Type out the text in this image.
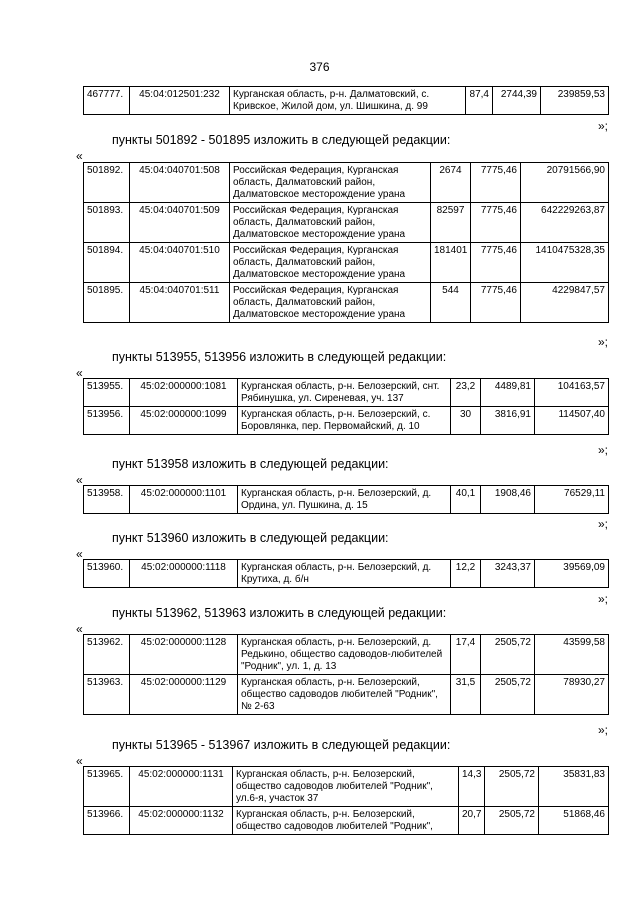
376
467777.	45:04:012501:232	Курганская область, р-н. Далматовский, с. Кривское, Жилой дом, ул. Шишкина, д. 99	87,4	2744,39	239859,53
»;
пункты 501892 - 501895 изложить в следующей редакции:
«
501892.	45:04:040701:508	Российская Федерация, Курганская область, Далматовский район, Далматовское месторождение урана	2674	7775,46	20791566,90
501893.	45:04:040701:509	Российская Федерация, Курганская область, Далматовский район, Далматовское месторождение урана	82597	7775,46	642229263,87
501894.	45:04:040701:510	Российская Федерация, Курганская область, Далматовский район, Далматовское месторождение урана	181401	7775,46	1410475328,35
501895.	45:04:040701:511	Российская Федерация, Курганская область, Далматовский район, Далматовское месторождение урана	544	7775,46	4229847,57
»;
пункты 513955, 513956 изложить в следующей редакции:
«
513955.	45:02:000000:1081	Курганская область, р-н. Белозерский, снт. Рябинушка, ул. Сиреневая, уч. 137	23,2	4489,81	104163,57
513956.	45:02:000000:1099	Курганская область, р-н. Белозерский, с. Боровлянка, пер. Первомайский, д. 10	30	3816,91	114507,40
»;
пункт 513958 изложить в следующей редакции:
«
513958.	45:02:000000:1101	Курганская область, р-н. Белозерский, д. Ордина, ул. Пушкина, д. 15	40,1	1908,46	76529,11
»;
пункт 513960 изложить в следующей редакции:
«
513960.	45:02:000000:1118	Курганская область, р-н. Белозерский, д. Крутиха, д. б/н	12,2	3243,37	39569,09
»;
пункты 513962, 513963 изложить в следующей редакции:
«
513962.	45:02:000000:1128	Курганская область, р-н. Белозерский, д. Редькино, общество садоводов-любителей "Родник", ул. 1, д. 13	17,4	2505,72	43599,58
513963.	45:02:000000:1129	Курганская область, р-н. Белозерский, общество садоводов любителей "Родник", № 2-63	31,5	2505,72	78930,27
»;
пункты 513965 - 513967 изложить в следующей редакции:
«
513965.	45:02:000000:1131	Курганская область, р-н. Белозерский, общество садоводов любителей "Родник", ул.6-я, участок 37	14,3	2505,72	35831,83
513966.	45:02:000000:1132	Курганская область, р-н. Белозерский, общество садоводов любителей "Родник",	20,7	2505,72	51868,46
